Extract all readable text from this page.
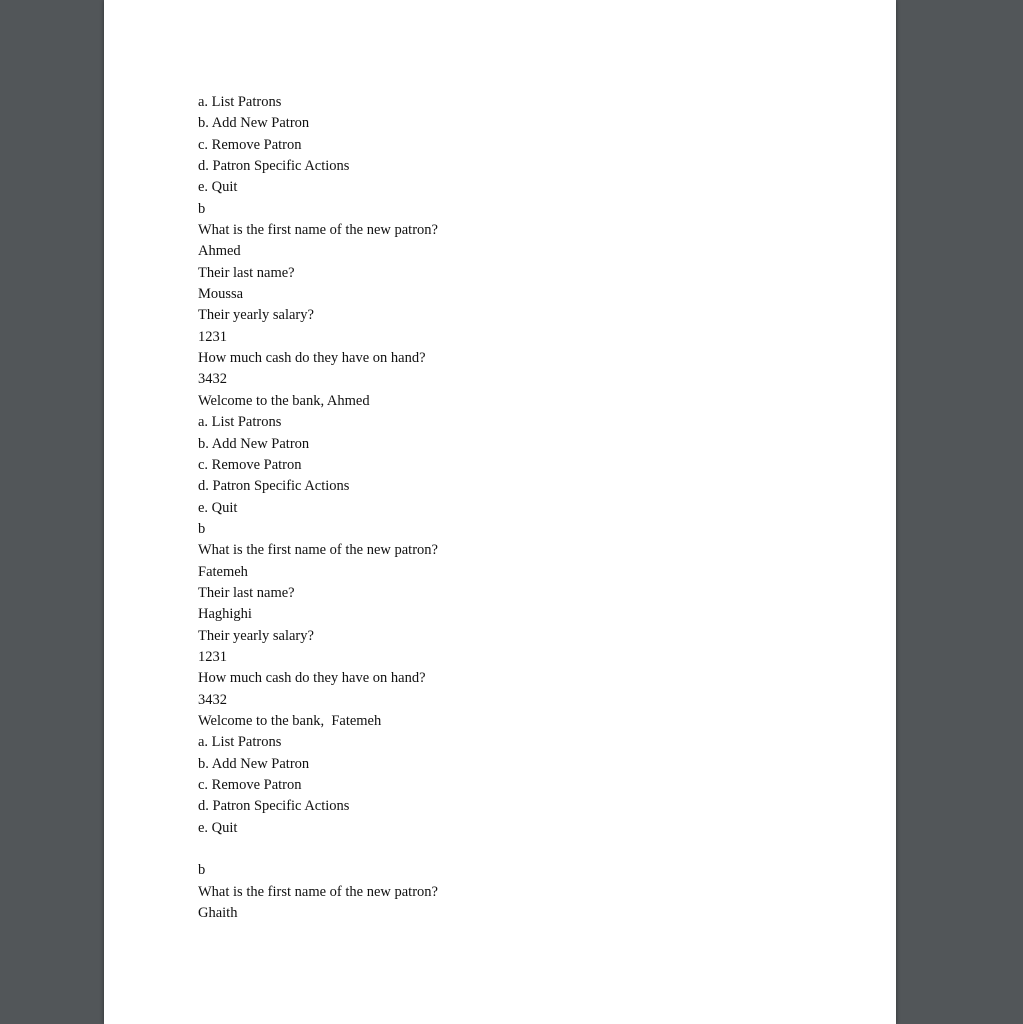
a. List Patrons

b. Add New Patron

c. Remove Patron

d. Patron Specific Actions

e. Quit

b

What is the first name of the new patron?

Ahmed

Their last name?

Moussa

Their yearly salary?

1231

How much cash do they have on hand?

3432

Welcome to the bank, Ahmed

a. List Patrons

b. Add New Patron

c. Remove Patron

d. Patron Specific Actions

e. Quit

b

What is the first name of the new patron?

Fatemeh

Their last name?

Haghighi

Their yearly salary?

1231

How much cash do they have on hand?

3432

Welcome to the bank,  Fatemeh

a. List Patrons

b. Add New Patron

c. Remove Patron

d. Patron Specific Actions

e. Quit

b

What is the first name of the new patron?

Ghaith
